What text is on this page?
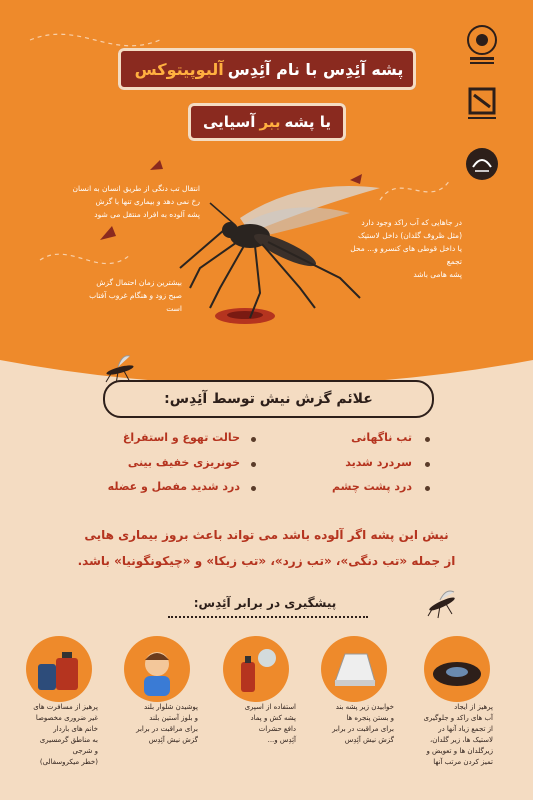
پشه آئِدِس با نام آئِدِس
آلبوپیتوکس
یا پشه
ببر
آسیایی
انتقال تب دنگی از طریق انسان به انسان
رخ نمی دهد و بیماری تنها با گزش
پشه آلوده به افراد منتقل می شود
بیشترین زمان احتمال گزش
صبح زود و هنگام غروب آفتاب
است
در جاهایی که آب راکد وجود دارد
(مثل ظروف گلدان) داخل لاستیک
یا داخل قوطی های کنسرو و... محل تجمع
پشه هامی باشد
علائم گزش نیش توسط آئِدِس:
تب ناگهانی
سردرد شدید
درد پشت چشم
حالت تهوع و استفراغ
خونریزی خفیف بینی
درد شدید مفصل و عضله
نیش این پشه اگر آلوده باشد می تواند باعث بروز بیماری هایی
از جمله «تب دنگی»، «تب زرد»، «تب زیکا» و «چیکونگونیا» باشد.
پیشگیری در برابر آئِدِس:
پرهیز از ایجاد
آب های راکد و جلوگیری
از تجمع زیاد آنها در
لاستیک ها، زیر گلدان،
زیرگلدان ها و تعویض و
تمیز کردن مرتب آنها
خوابیدن زیر پشه بند
و بستن پنجره ها
برای مراقبت در برابر
گزش نیش آئِدِس
استفاده از اسپری
پشه کش و پماد
دافع حشرات
آئِدِس و...
پوشیدن شلوار بلند
و بلوز آستین بلند
برای مراقبت در برابر
گزش نیش آئِدِس
پرهیز از مسافرت های
غیر ضروری مخصوصا
خانم های باردار
به مناطق گرمسیری
و شرجی
(خطر میکروسفالی)
